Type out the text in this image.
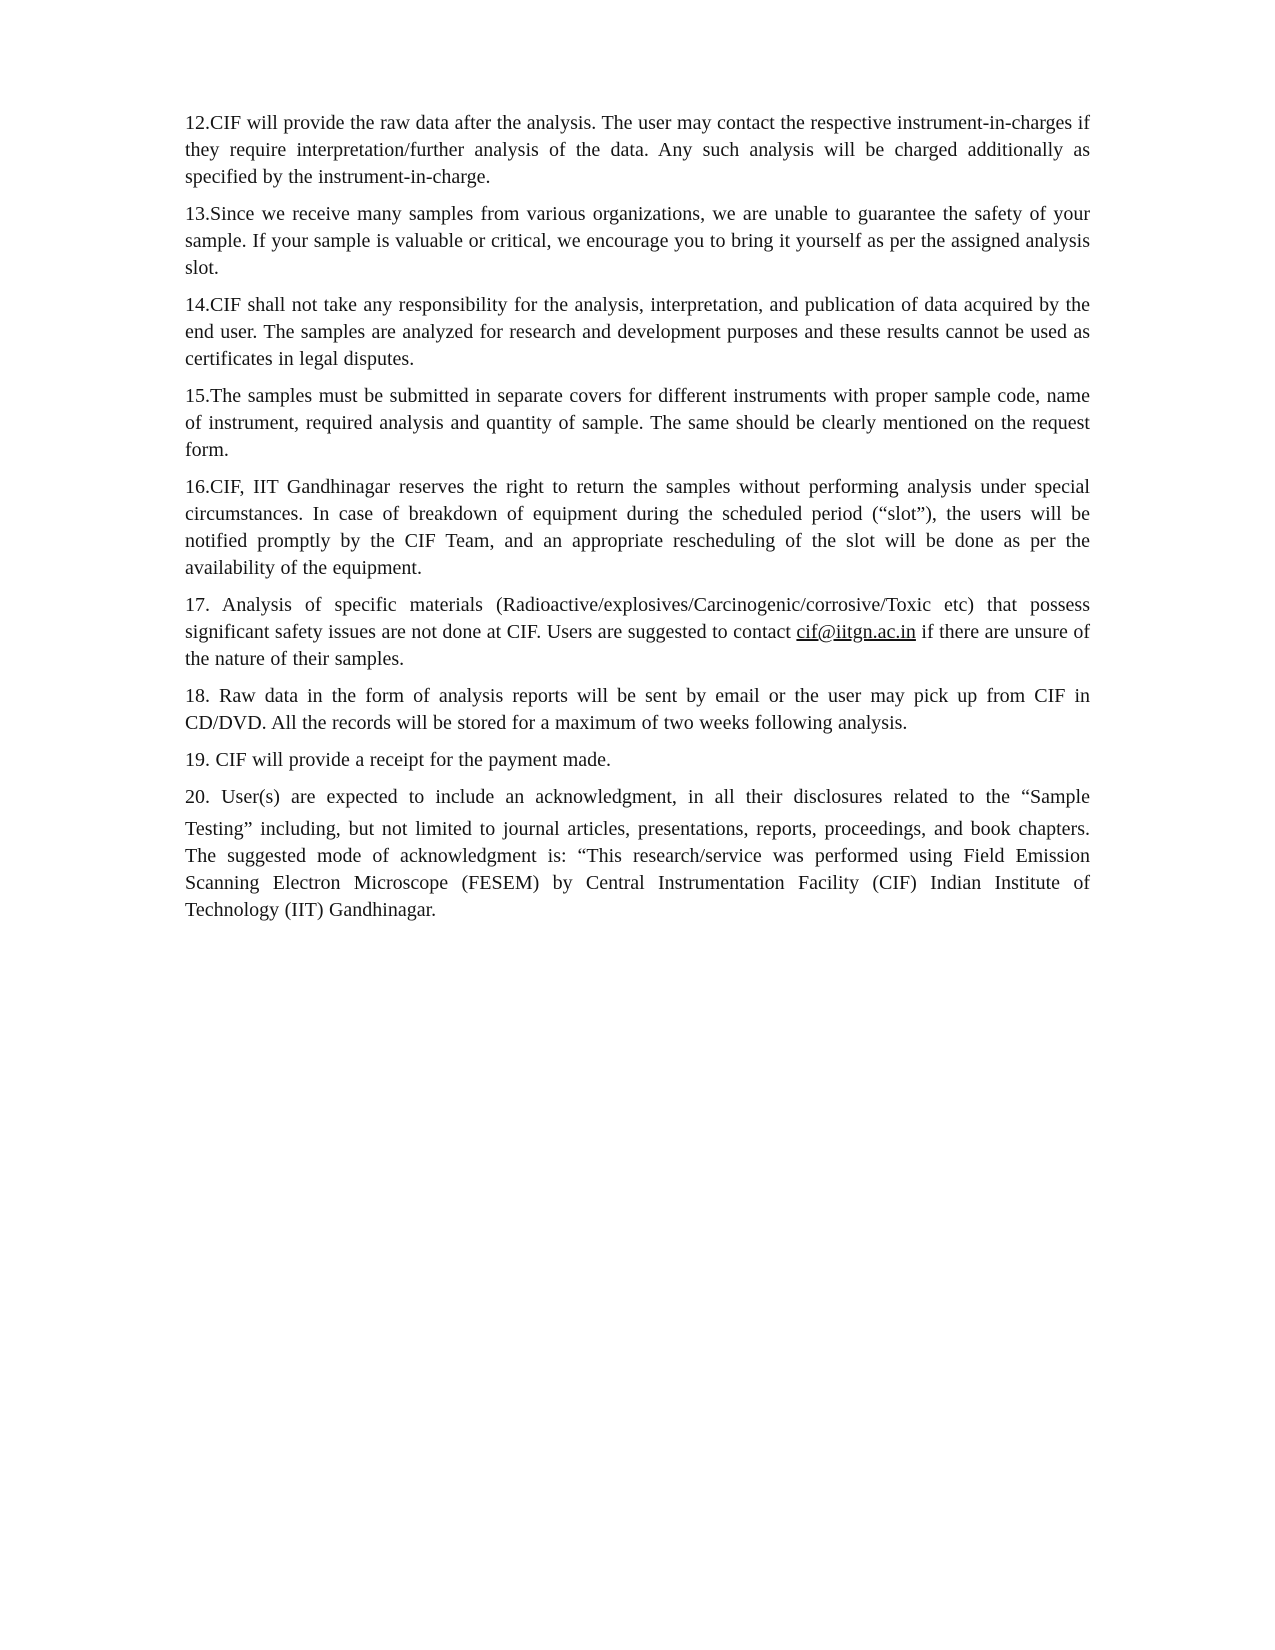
12.CIF will provide the raw data after the analysis. The user may contact the respective instrument-in-charges if they require interpretation/further analysis of the data. Any such analysis will be charged additionally as specified by the instrument-in-charge.

13.Since we receive many samples from various organizations, we are unable to guarantee the safety of your sample. If your sample is valuable or critical, we encourage you to bring it yourself as per the assigned analysis slot.

14.CIF shall not take any responsibility for the analysis, interpretation, and publication of data acquired by the end user. The samples are analyzed for research and development purposes and these results cannot be used as certificates in legal disputes.

15.The samples must be submitted in separate covers for different instruments with proper sample code, name of instrument, required analysis and quantity of sample. The same should be clearly mentioned on the request form.

16.CIF, IIT Gandhinagar reserves the right to return the samples without performing analysis under special circumstances. In case of breakdown of equipment during the scheduled period (“slot”), the users will be notified promptly by the CIF Team, and an appropriate rescheduling of the slot will be done as per the availability of the equipment.

17. Analysis of specific materials (Radioactive/explosives/Carcinogenic/corrosive/Toxic etc) that possess significant safety issues are not done at CIF. Users are suggested to contact cif@iitgn.ac.in if there are unsure of the nature of their samples.

18. Raw data in the form of analysis reports will be sent by email or the user may pick up from CIF in CD/DVD. All the records will be stored for a maximum of two weeks following analysis.

19. CIF will provide a receipt for the payment made.

20. User(s) are expected to include an acknowledgment, in all their disclosures related to the “Sample

Testing” including, but not limited to journal articles, presentations, reports, proceedings, and book chapters. The suggested mode of acknowledgment is: “This research/service was performed using Field Emission Scanning Electron Microscope (FESEM) by Central Instrumentation Facility (CIF) Indian Institute of Technology (IIT) Gandhinagar.
